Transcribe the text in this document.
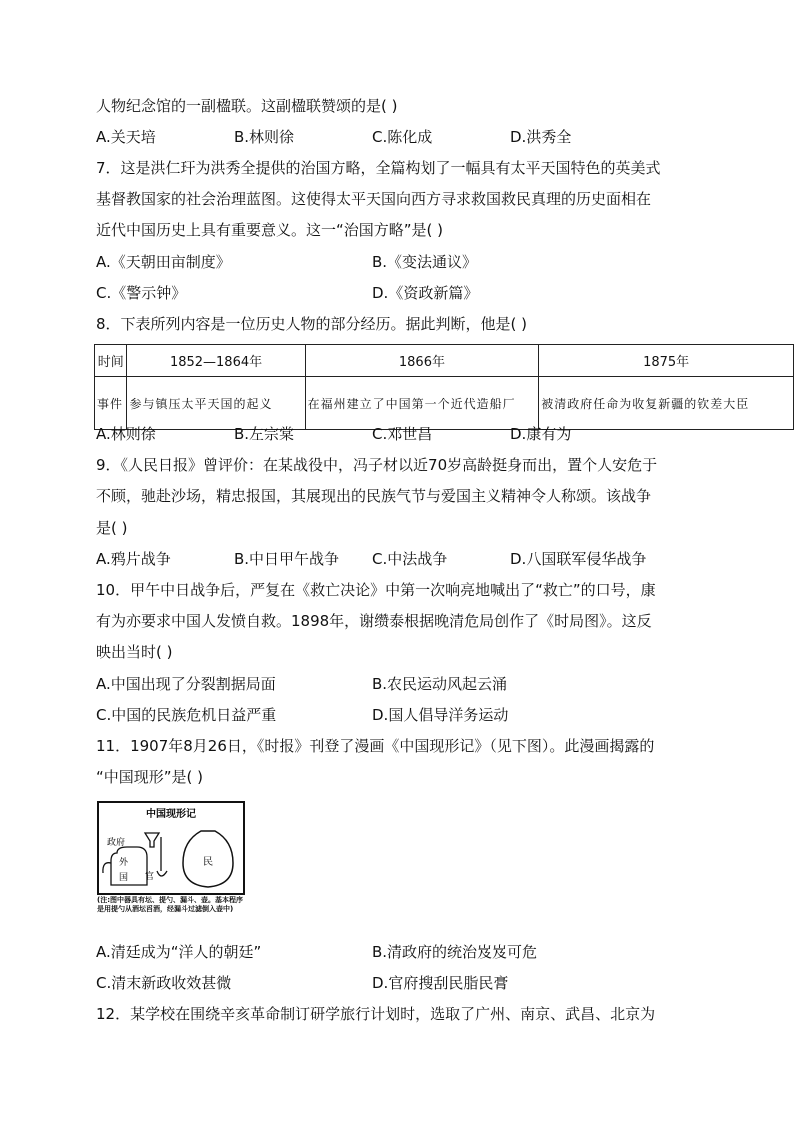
人物纪念馆的一副楹联。这副楹联赞颂的是( )
A.关天培	B.林则徐	C.陈化成	D.洪秀全
7．这是洪仁玕为洪秀全提供的治国方略，全篇构划了一幅具有太平天国特色的英美式
基督教国家的社会治理蓝图。这使得太平天国向西方寻求救国救民真理的历史面相在
近代中国历史上具有重要意义。这一“治国方略”是( )
A.《天朝田亩制度》	B.《变法通议》
C.《警示钟》	D.《资政新篇》
8．下表所列内容是一位历史人物的部分经历。据此判断，他是( )
时间	1852—1864年	1866年	1875年
事件	参与镇压太平天国的起义	在福州建立了中国第一个近代造船厂	被清政府任命为收复新疆的钦差大臣
A.林则徐	B.左宗棠	C.邓世昌	D.康有为
9．《人民日报》曾评价：在某战役中，冯子材以近70岁高龄挺身而出，置个人安危于
不顾，驰赴沙场，精忠报国，其展现出的民族气节与爱国主义精神令人称颂。该战争
是( )
A.鸦片战争	B.中日甲午战争 C.中法战争	D.八国联军侵华战争
10．甲午中日战争后，严复在《救亡决论》中第一次响亮地喊出了“救亡”的口号，康
有为亦要求中国人发愤自救。1898年，谢缵泰根据晚清危局创作了《时局图》。这反
映出当时( )
A.中国出现了分裂割据局面	B.农民运动风起云涌
C.中国的民族危机日益严重	D.国人倡导洋务运动
11．1907年8月26日，《时报》刊登了漫画《中国现形记》（见下图）。此漫画揭露的
“中国现形”是( )
中国现形记
政府
外
国 官
民
(注:图中器具有坛、提勺、漏斗、壶。基本程序是用提勺从酒坛舀酒，经漏斗过滤倒入壶中)
A.清廷成为“洋人的朝廷”	B.清政府的统治岌岌可危
C.清末新政收效甚微	D.官府搜刮民脂民膏
12．某学校在围绕辛亥革命制订研学旅行计划时，选取了广州、南京、武昌、北京为
